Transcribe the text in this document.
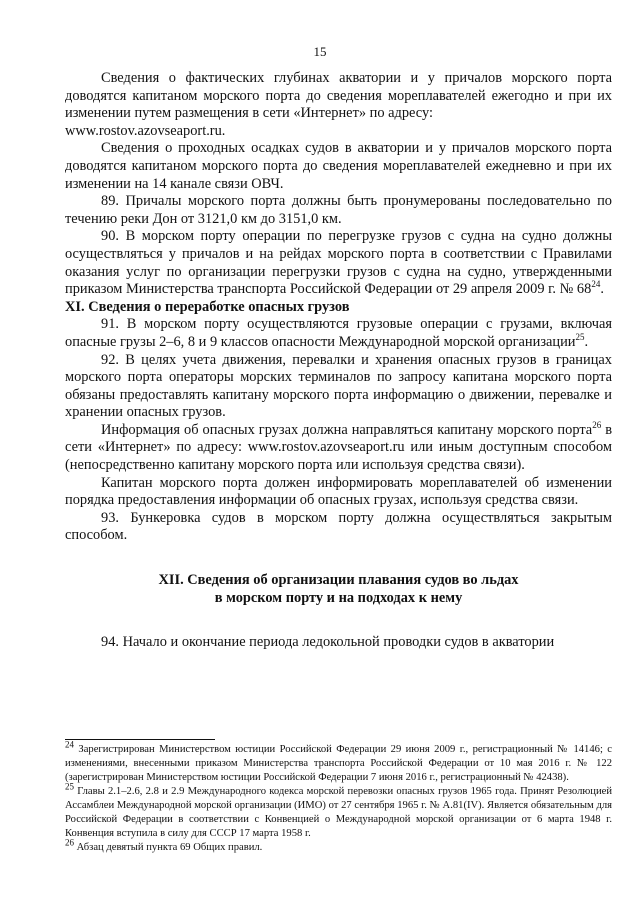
15

Сведения о фактических глубинах акватории и у причалов морского порта доводятся капитаном морского порта до сведения мореплавателей ежегодно и при их изменении путем размещения в сети «Интернет» по адресу:

www.rostov.azovseaport.ru.

Сведения о проходных осадках судов в акватории и у причалов морского порта доводятся капитаном морского порта до сведения мореплавателей ежедневно и при их изменении на 14 канале связи ОВЧ.

89. Причалы морского порта должны быть пронумерованы последовательно по течению реки Дон от 3121,0 км до 3151,0 км.

90. В морском порту операции по перегрузке грузов с судна на судно должны осуществляться у причалов и на рейдах морского порта в соответствии с Правилами оказания услуг по организации перегрузки грузов с судна на судно, утвержденными приказом Министерства транспорта Российской Федерации от 29 апреля 2009 г. № $68^{24}$.

XI. Сведения о переработке опасных грузов

91. В морском порту осуществляются грузовые операции с грузами, включая опасные грузы 2–6, 8 и 9 классов опасности Международной морской организации$^{25}$.

92. В целях учета движения, перевалки и хранения опасных грузов в границах морского порта операторы морских терминалов по запросу капитана морского порта обязаны предоставлять капитану морского порта информацию о движении, перевалке и хранении опасных грузов.

Информация об опасных грузах должна направляться капитану морского порта$^{26}$ в сети «Интернет» по адресу: www.rostov.azovseaport.ru или иным доступным способом (непосредственно капитану морского порта или используя средства связи).

Капитан морского порта должен информировать мореплавателей об изменении порядка предоставления информации об опасных грузах, используя средства связи.

93. Бункеровка судов в морском порту должна осуществляться закрытым способом.

XII. Сведения об организации плавания судов во льдах
в морском порту и на подходах к нему

94. Начало и окончание периода ледокольной проводки судов в акватории

$^{24}$ Зарегистрирован Министерством юстиции Российской Федерации 29 июня 2009 г., регистрационный № 14146; с изменениями, внесенными приказом Министерства транспорта Российской Федерации от 10 мая 2016 г. № 122 (зарегистрирован Министерством юстиции Российской Федерации 7 июня 2016 г., регистрационный № 42438).

$^{25}$ Главы 2.1–2.6, 2.8 и 2.9 Международного кодекса морской перевозки опасных грузов 1965 года. Принят Резолюцией Ассамблеи Международной морской организации (ИМО) от 27 сентября 1965 г. № A.81(IV). Является обязательным для Российской Федерации в соответствии с Конвенцией о Международной морской организации от 6 марта 1948 г. Конвенция вступила в силу для СССР 17 марта 1958 г.

$^{26}$ Абзац девятый пункта 69 Общих правил.
